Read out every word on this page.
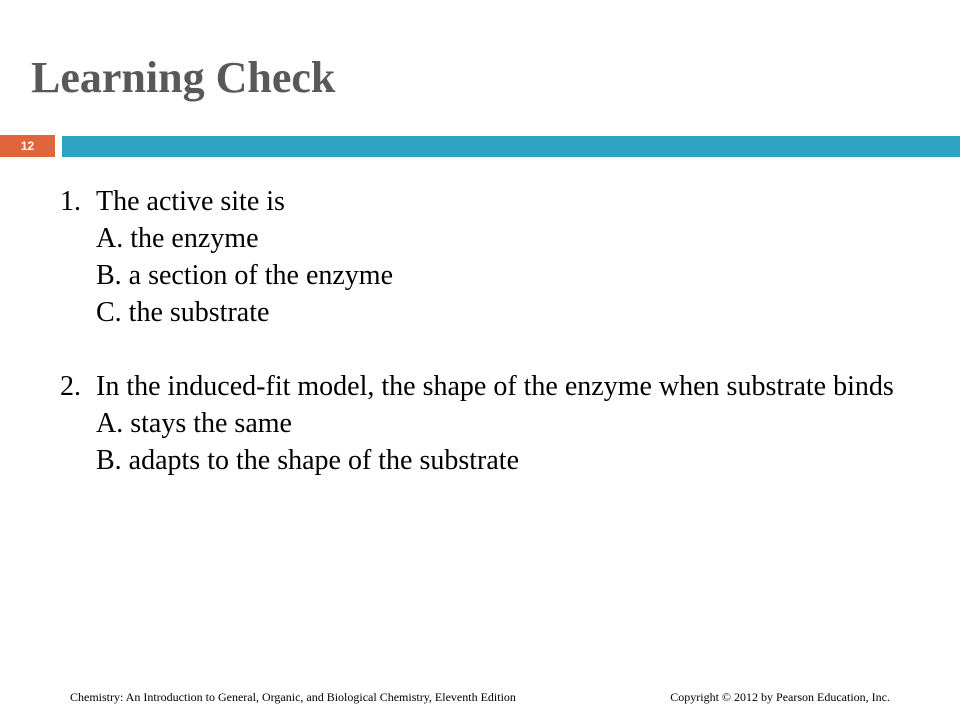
Learning Check
12
1. The active site is
A. the enzyme
B. a section of the enzyme
C. the substrate
2. In the induced-fit model, the shape of the enzyme when substrate binds
A. stays the same
B. adapts to the shape of the substrate
Chemistry: An Introduction to General, Organic, and Biological Chemistry, Eleventh Edition	Copyright © 2012 by Pearson Education, Inc.
